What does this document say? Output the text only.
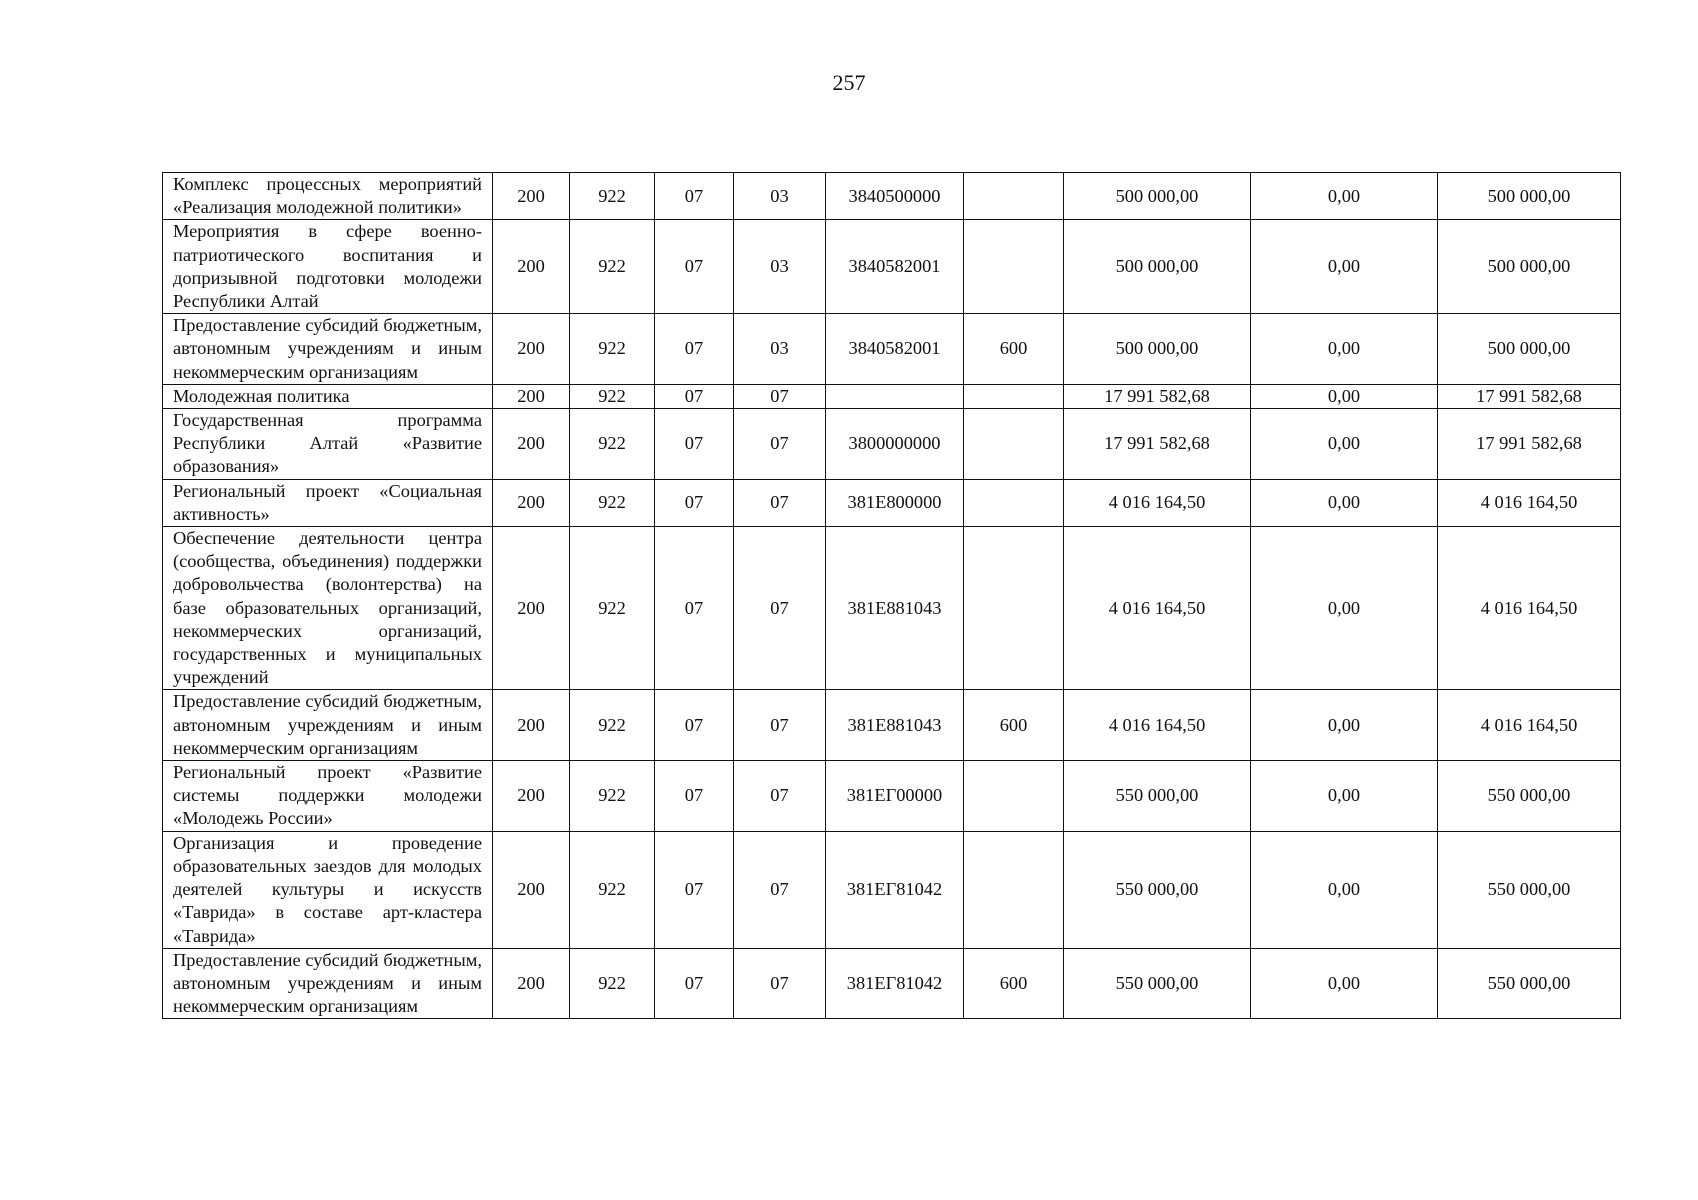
257
Комплекс процессных мероприятий «Реализация молодежной политики»	200	922	07	03	3840500000		500 000,00	0,00	500 000,00
Мероприятия в сфере военно-патриотического воспитания и допризывной подготовки молодежи Республики Алтай	200	922	07	03	3840582001		500 000,00	0,00	500 000,00
Предоставление субсидий бюджетным, автономным учреждениям и иным некоммерческим организациям	200	922	07	03	3840582001	600	500 000,00	0,00	500 000,00
Молодежная политика	200	922	07	07			17 991 582,68	0,00	17 991 582,68
Государственная программа Республики Алтай «Развитие образования»	200	922	07	07	3800000000		17 991 582,68	0,00	17 991 582,68
Региональный проект «Социальная активность»	200	922	07	07	381E800000		4 016 164,50	0,00	4 016 164,50
Обеспечение деятельности центра (сообщества, объединения) поддержки добровольчества (волонтерства) на базе образовательных организаций, некоммерческих организаций, государственных и муниципальных учреждений	200	922	07	07	381E881043		4 016 164,50	0,00	4 016 164,50
Предоставление субсидий бюджетным, автономным учреждениям и иным некоммерческим организациям	200	922	07	07	381E881043	600	4 016 164,50	0,00	4 016 164,50
Региональный проект «Развитие системы поддержки молодежи «Молодежь России»	200	922	07	07	381ЕГ00000		550 000,00	0,00	550 000,00
Организация и проведение образовательных заездов для молодых деятелей культуры и искусств «Таврида» в составе арт-кластера «Таврида»	200	922	07	07	381ЕГ81042		550 000,00	0,00	550 000,00
Предоставление субсидий бюджетным, автономным учреждениям и иным некоммерческим организациям	200	922	07	07	381ЕГ81042	600	550 000,00	0,00	550 000,00
